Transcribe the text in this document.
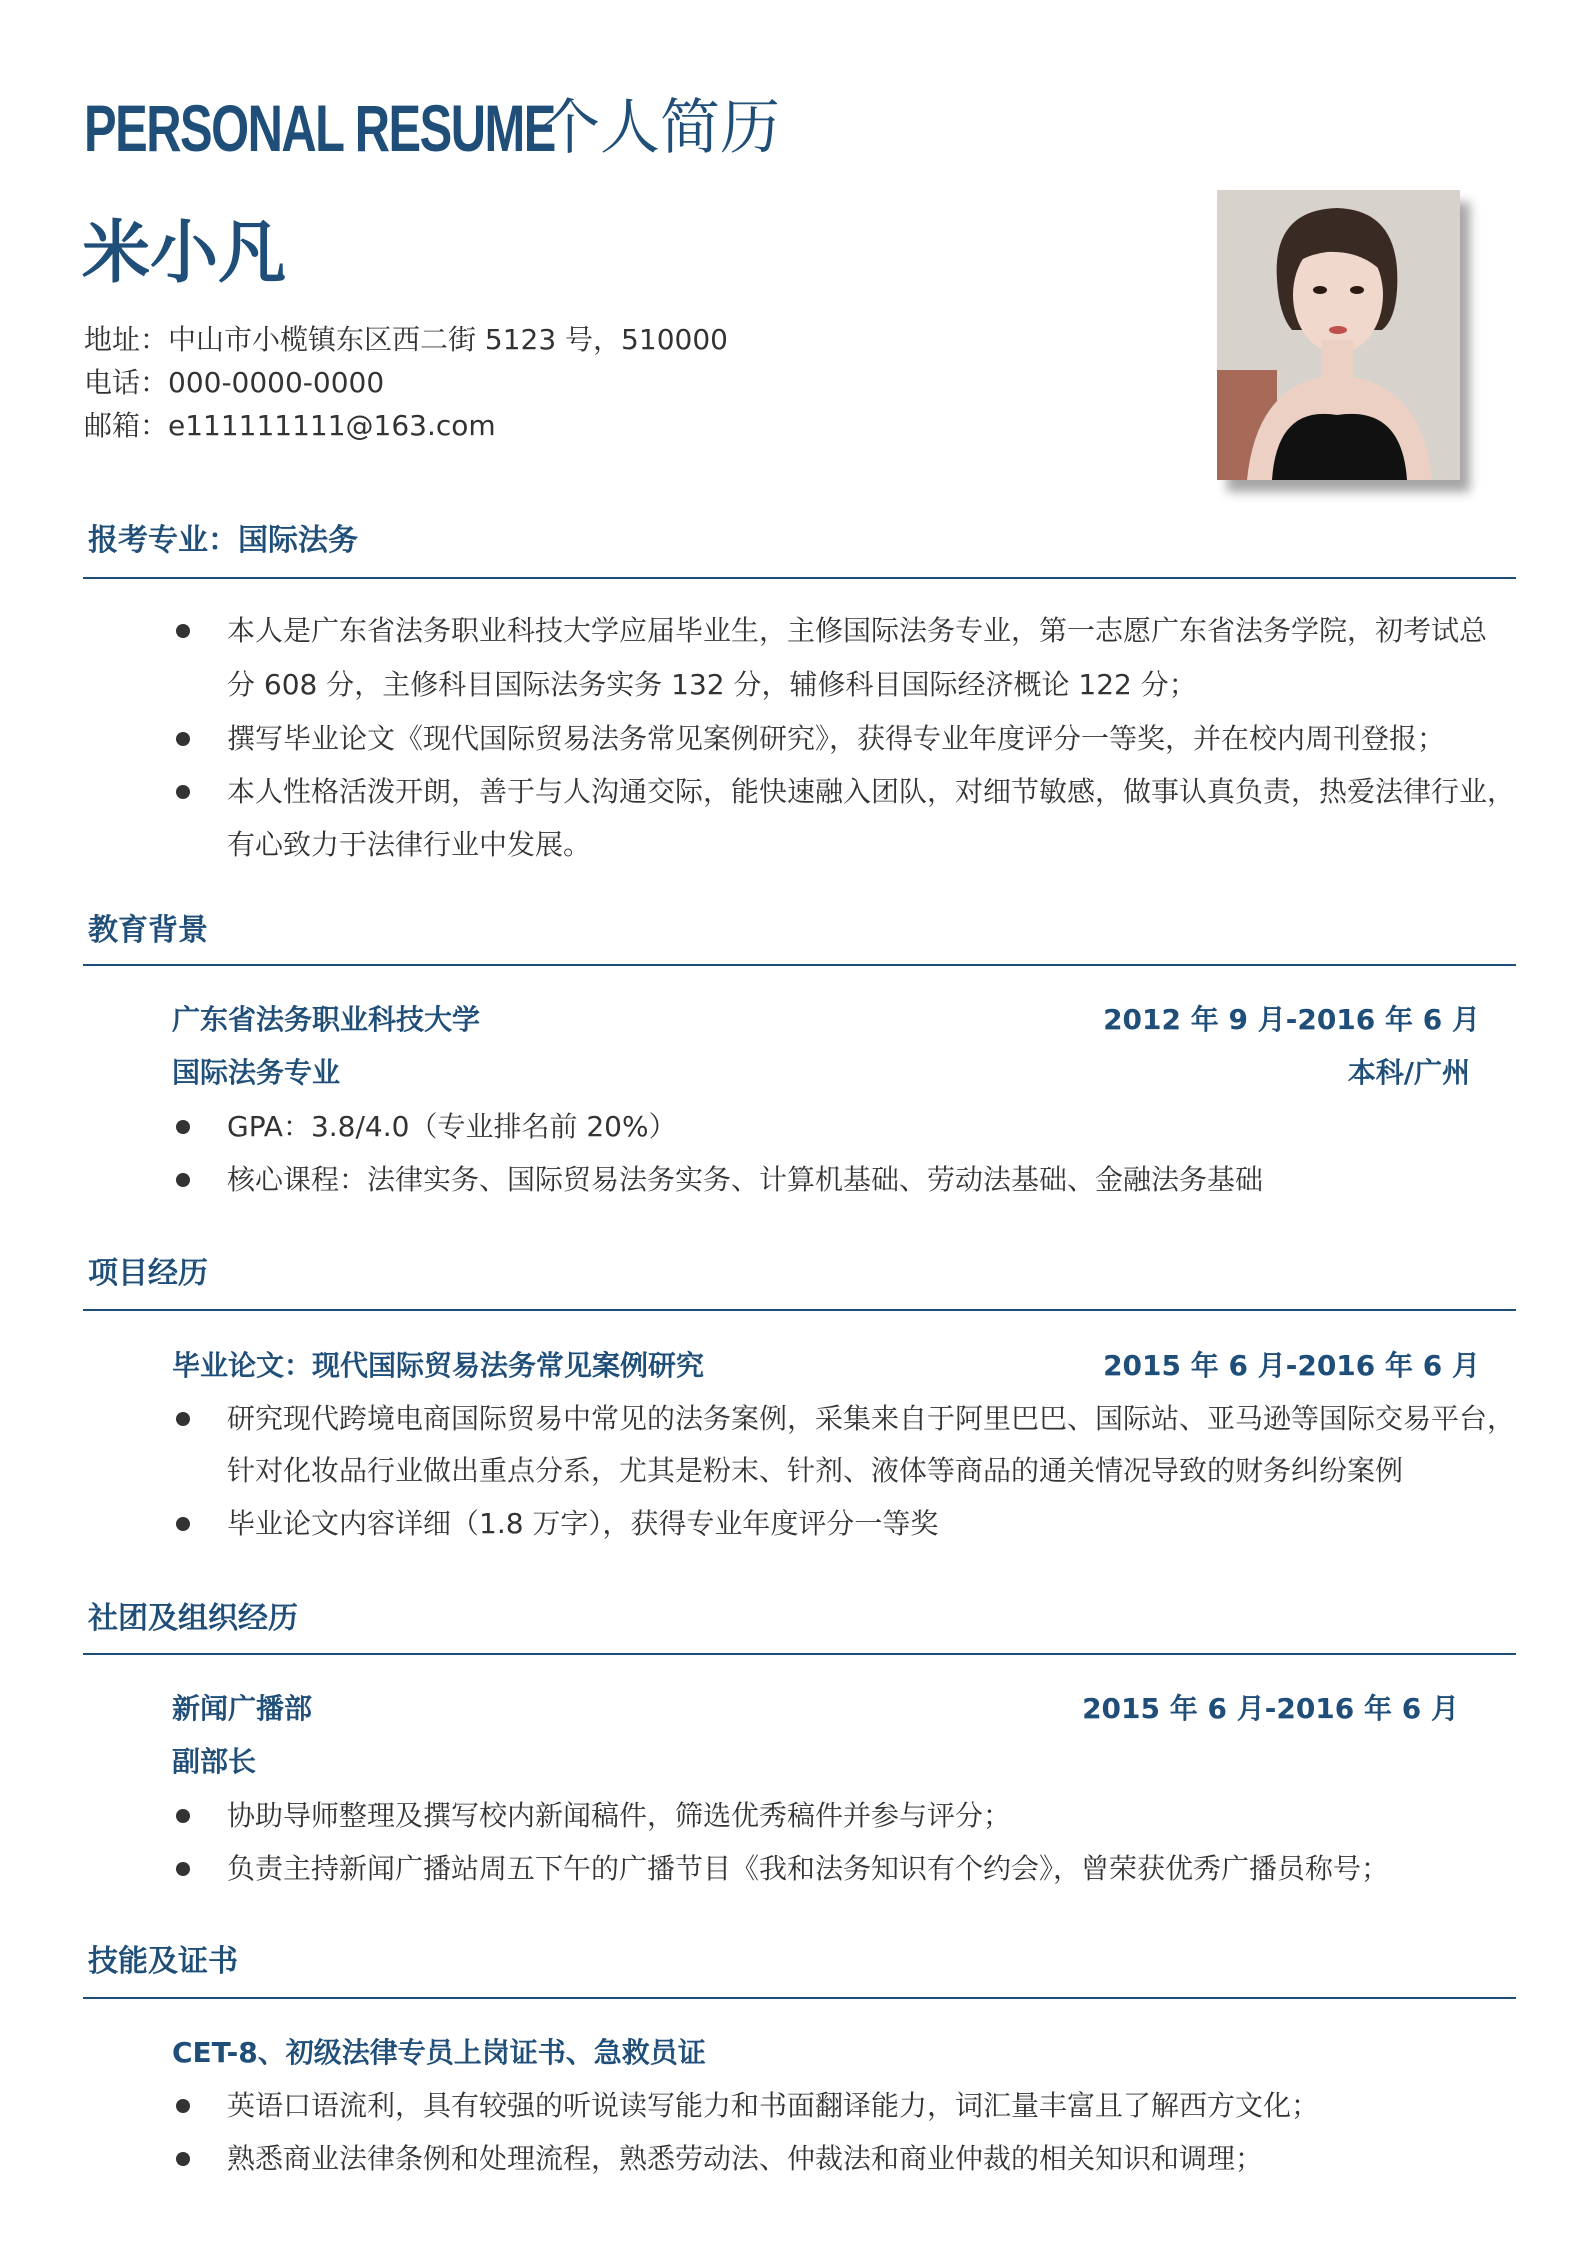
PERSONAL RESUME
个人简历
米小凡
地址：中山市小榄镇东区西二街 5123 号，510000
电话：000-0000-0000
邮箱：e111111111@163.com
报考专业：国际法务
本人是广东省法务职业科技大学应届毕业生，主修国际法务专业，第一志愿广东省法务学院，初考试总
分 608 分，主修科目国际法务实务 132 分，辅修科目国际经济概论 122 分；
撰写毕业论文《现代国际贸易法务常见案例研究》，获得专业年度评分一等奖，并在校内周刊登报；
本人性格活泼开朗，善于与人沟通交际，能快速融入团队，对细节敏感，做事认真负责，热爱法律行业，
有心致力于法律行业中发展。
教育背景
广东省法务职业科技大学	2012 年 9 月-2016 年 6 月
国际法务专业	本科/广州
GPA：3.8/4.0（专业排名前 20%）
核心课程：法律实务、国际贸易法务实务、计算机基础、劳动法基础、金融法务基础
项目经历
毕业论文：现代国际贸易法务常见案例研究	2015 年 6 月-2016 年 6 月
研究现代跨境电商国际贸易中常见的法务案例，采集来自于阿里巴巴、国际站、亚马逊等国际交易平台，
针对化妆品行业做出重点分系，尤其是粉末、针剂、液体等商品的通关情况导致的财务纠纷案例
毕业论文内容详细（1.8 万字），获得专业年度评分一等奖
社团及组织经历
新闻广播部	2015 年 6 月-2016 年 6 月
副部长
协助导师整理及撰写校内新闻稿件，筛选优秀稿件并参与评分；
负责主持新闻广播站周五下午的广播节目《我和法务知识有个约会》，曾荣获优秀广播员称号；
技能及证书
CET-8、初级法律专员上岗证书、急救员证
英语口语流利，具有较强的听说读写能力和书面翻译能力，词汇量丰富且了解西方文化；
熟悉商业法律条例和处理流程，熟悉劳动法、仲裁法和商业仲裁的相关知识和调理；
